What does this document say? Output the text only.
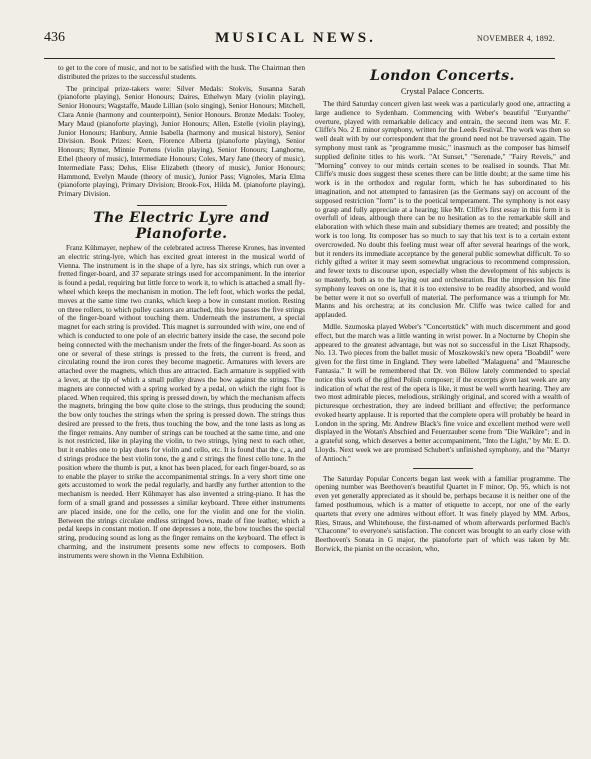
436	MUSICAL NEWS.	NOVEMBER 4, 1892.

to get to the core of music, and not to be satisfied with the husk. The Chairman then distributed the prizes to the successful students.

The principal prize-takers were: Silver Medals: Stokvis, Susanna Sarah (pianoforte playing), Senior Honours; Daires, Ethelwyn Mary (violin playing), Senior Honours; Wagstaffe, Maude Lillian (solo singing), Senior Honours; Mitchell, Clara Annie (harmony and counterpoint), Senior Honours. Bronze Medals: Tooley, Mary Maud (pianoforte playing), Junior Honours; Allen, Estelle (violin playing), Junior Honours; Hanbury, Annie Isabella (harmony and musical history), Senior Division. Book Prizes: Keen, Florence Alberta (pianoforte playing), Senior Honours; Rymer, Minnie Portens (violin playing), Senior Honours; Langhorne, Ethel (theory of music), Intermediate Honours; Coles, Mary Jane (theory of music), Intermediate Pass; Delus, Elise Elizabeth (theory of music), Junior Honours; Hammond, Evelyn Maude (theory of music), Junior Pass; Vignoles, Maria Elma (pianoforte playing), Primary Division; Brook-Fox, Hilda M. (pianoforte playing), Primary Division.

The Electric Lyre and Pianoforte.

Franz Kühmayer, nephew of the celebrated actress Therese Krones, has invented an electric string-lyre, which has excited great interest in the musical world of Vienna. The instrument is in the shape of a lyre, has six strings, which run over a fretted finger-board, and 37 separate strings used for accompaniment. In the interior is found a pedal, requiring but little force to work it, to which is attached a small fly-wheel which keeps the mechanism in motion. The left foot, which works the pedal, moves at the same time two cranks, which keep a bow in constant motion. Resting on three rollers, to which pulley castors are attached, this bow passes the five strings of the finger-board without touching them. Underneath the instrument, a special magnet for each string is provided. This magnet is surrounded with wire, one end of which is conducted to one pole of an electric battery inside the case, the second pole being connected with the mechanism under the frets of the finger-board. As soon as one or several of these strings is pressed to the frets, the current is freed, and circulating round the iron cores they become magnetic. Armatures with levers are attached over the magnets, which thus are attracted. Each armature is supplied with a lever, at the tip of which a small pulley draws the bow against the strings. The magnets are connected with a spring worked by a pedal, on which the right foot is placed. When required, this spring is pressed down, by which the mechanism affects the magnets, bringing the bow quite close to the strings, thus producing the sound; the bow only touches the strings when the spring is pressed down. The strings thus desired are pressed to the frets, thus touching the bow, and the tone lasts as long as the finger remains. Any number of strings can be touched at the same time, and one is not restricted, like in playing the violin, to two strings, lying next to each other, but it enables one to play duets for violin and cello, etc. It is found that the c, a, and d strings produce the best violin tone, the g and c strings the finest cello tone. In the position where the thumb is put, a knot has been placed, for each finger-board, so as to enable the player to strike the accompanimental strings. In a very short time one gets accustomed to work the pedal regularly, and hardly any further attention to the mechanism is needed. Herr Kühmayer has also invented a string-piano. It has the form of a small grand and possesses a similar keyboard. Three either instruments are placed inside, one for the cello, one for the violin and one for the violin. Between the strings circulate endless stringed bows, made of fine leather, which a pedal keeps in constant motion. If one depresses a note, the bow touches the special string, producing sound as long as the finger remains on the keyboard. The effect is charming, and the instrument presents some new effects to composers. Both instruments were shown in the Vienna Exhibition.

London Concerts.
Crystal Palace Concerts.

The third Saturday concert given last week was a particularly good one, attracting a large audience to Sydenham. Commencing with Weber's beautiful "Euryanthe" overture, played with remarkable delicacy and entrain, the second item was Mr. F. Cliffe's No. 2 E minor symphony, written for the Leeds Festival. The work was then so well dealt with by our correspondent that the ground need not be traversed again. The symphony must rank as "programme music," inasmuch as the composer has himself supplied definite titles to his work. "At Sunset," "Serenade," "Fairy Revels," and "Morning" convey to our minds certain scenes to be realised in sounds. That Mr. Cliffe's music does suggest these scenes there can be little doubt; at the same time his work is in the orthodox and regular form, which he has subordinated to his imagination, and not attempted to fantasiren (as the Germans say) on account of the supposed restriction "form" is to the poetical temperament. The symphony is not easy to grasp and fully appreciate at a hearing; like Mr. Cliffe's first essay in this form it is overfull of ideas, although there can be no hesitation as to the remarkable skill and elaboration with which these main and subsidiary themes are treated; and possibly the work is too long. Its composer has so much to say that his text is to a certain extent overcrowded. No doubt this feeling must wear off after several hearings of the work, but it renders its immediate acceptance by the general public somewhat difficult. To so richly gifted a writer it may seem somewhat ungracious to recommend compression, and fewer texts to discourse upon, especially when the development of his subjects is so masterly, both as to the laying out and orchestration. But the impression his fine symphony leaves on one is, that it is too extensive to be readily absorbed, and would be better were it not so overfull of material. The performance was a triumph for Mr. Manns and his orchestra; at its conclusion Mr. Cliffe was twice called for and applauded.

Mdlle. Szumoska played Weber's "Concertstück" with much discernment and good effect, but the march was a little wanting in wrist power. In a Nocturne by Chopin she appeared to the greatest advantage, but was not so successful in the Liszt Rhapsody, No. 13. Two pieces from the ballet music of Moszkowski's new opera "Boabdil" were given for the first time in England. They were labelled "Malaguena" and "Mauresche Fantasia." It will be remembered that Dr. von Bülow lately commended to special notice this work of the gifted Polish composer; if the excerpts given last week are any indication of what the rest of the opera is like, it must be well worth hearing. They are two most admirable pieces, melodious, strikingly original, and scored with a wealth of picturesque orchestration, they are indeed brilliant and effective; the performance evoked hearty applause. It is reported that the complete opera will probably be heard in London in the spring. Mr. Andrew Black's fine voice and excellent method were well displayed in the Wotan's Abschied and Feuerzauber scene from "Die Walküre"; and in a grateful song, which deserves a better accompaniment, "Into the Light," by Mr. E. D. Lloyds. Next week we are promised Schubert's unfinished symphony, and the "Martyr of Antioch."

The Saturday Popular Concerts began last week with a familiar programme. The opening number was Beethoven's beautiful Quartet in F minor, Op. 95, which is not even yet generally appreciated as it should be, perhaps because it is neither one of the famed posthumous, which is a matter of etiquette to accept, nor one of the early quartets that every one admires without effort. It was finely played by MM. Arbos, Ries, Straus, and Whitehouse, the first-named of whom afterwards performed Bach's "Chaconne" to everyone's satisfaction. The concert was brought to an early close with Beethoven's Sonata in G major, the pianoforte part of which was taken by Mr. Borwick, the pianist on the occasion, who,
